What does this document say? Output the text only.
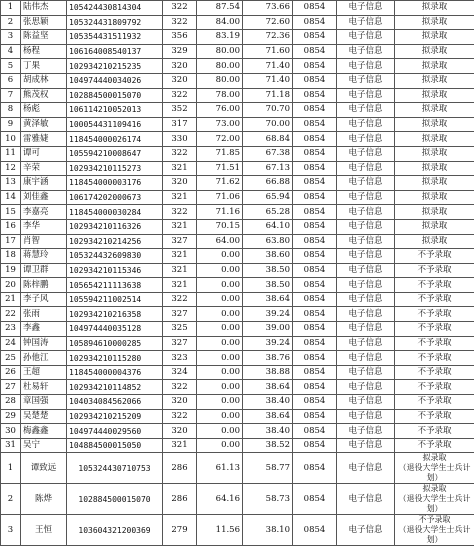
1	陆伟杰	105424430814304	322	87.54	73.66	0854	电子信息	拟录取
2	张思颖	105324431809792	322	84.00	72.60	0854	电子信息	拟录取
3	陈益坚	105354431511932	356	83.19	72.36	0854	电子信息	拟录取
4	杨程	106164008540137	329	80.00	71.60	0854	电子信息	拟录取
5	丁果	102934210215235	320	80.00	71.40	0854	电子信息	拟录取
6	胡成林	104974440034026	320	80.00	71.40	0854	电子信息	拟录取
7	熊茂权	102884500015070	322	78.00	71.18	0854	电子信息	拟录取
8	杨彪	106114210052013	352	76.00	70.70	0854	电子信息	拟录取
9	黄泽敏	100054431109416	317	73.00	70.00	0854	电子信息	拟录取
10	雷雅婕	118454000026174	330	72.00	68.84	0854	电子信息	拟录取
11	谭可	105594210008647	322	71.85	67.38	0854	电子信息	拟录取
12	辛荣	102934210115273	321	71.51	67.13	0854	电子信息	拟录取
13	康宇涵	118454000003176	320	71.62	66.88	0854	电子信息	拟录取
14	刘佳鑫	106174202000673	321	71.06	65.94	0854	电子信息	拟录取
15	李嘉亮	118454000030284	322	71.16	65.28	0854	电子信息	拟录取
16	李华	102934210116326	321	70.15	64.10	0854	电子信息	拟录取
17	肖智	102934210214256	327	64.00	63.80	0854	电子信息	拟录取
18	蒋慧玲	105324432609830	321	0.00	38.60	0854	电子信息	不予录取
19	谭卫群	102934210115346	321	0.00	38.50	0854	电子信息	不予录取
20	陈梓鹏	105654211113638	321	0.00	38.50	0854	电子信息	不予录取
21	李子风	105594211002514	322	0.00	38.64	0854	电子信息	不予录取
22	张雨	102934210216358	327	0.00	39.24	0854	电子信息	不予录取
23	李鑫	104974440035128	325	0.00	39.00	0854	电子信息	不予录取
24	钟国涛	105894610000285	327	0.00	39.24	0854	电子信息	不予录取
25	孙他江	102934210115280	323	0.00	38.76	0854	电子信息	不予录取
26	王超	118454000004376	324	0.00	38.88	0854	电子信息	不予录取
27	杜易轩	102934210114852	322	0.00	38.64	0854	电子信息	不予录取
28	章国强	104034084562066	320	0.00	38.40	0854	电子信息	不予录取
29	吴楚楚	102934210215209	322	0.00	38.64	0854	电子信息	不予录取
30	梅鑫鑫	104974440029560	320	0.00	38.40	0854	电子信息	不予录取
31	吴宁	104884500015050	321	0.00	38.52	0854	电子信息	不予录取
1	谭致远	105324430710753	286	61.13	58.77	0854	电子信息	拟录取
（退役大学生士兵计划）

2	陈烨	102884500015070	286	64.16	58.73	0854	电子信息	拟录取
（退役大学生士兵计划）

3	王恒	103604321200369	279	11.56	38.10	0854	电子信息	不予录取
（退役大学生士兵计划）
